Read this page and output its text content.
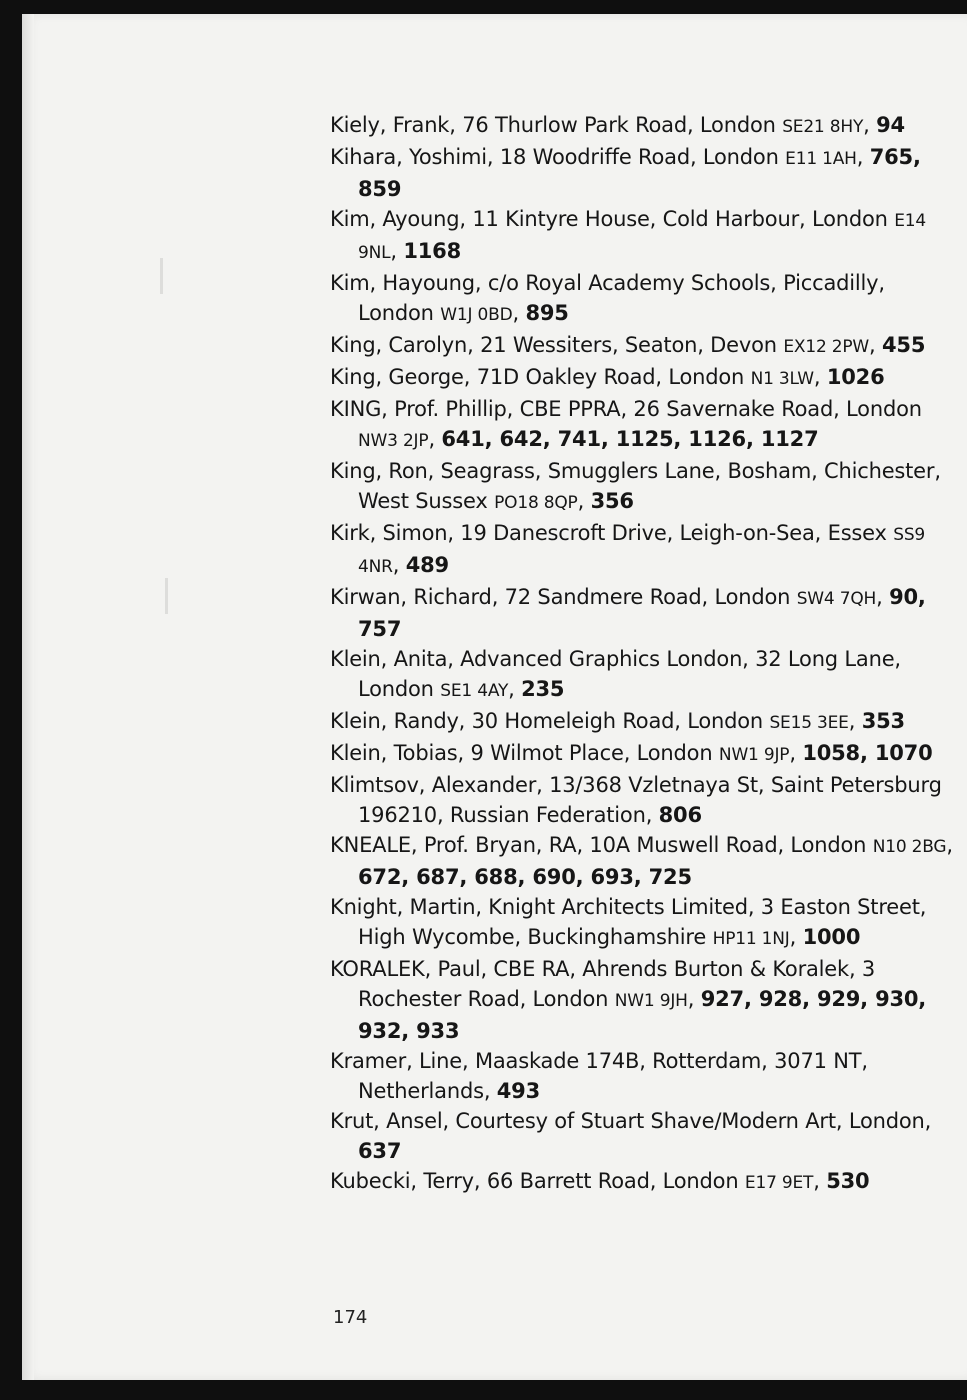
Kiely, Frank, 76 Thurlow Park Road, London SE21 8HY, 94
Kihara, Yoshimi, 18 Woodriffe Road, London E11 1AH, 765, 859
Kim, Ayoung, 11 Kintyre House, Cold Harbour, London E14 9NL, 1168
Kim, Hayoung, c/o Royal Academy Schools, Piccadilly, London W1J 0BD, 895
King, Carolyn, 21 Wessiters, Seaton, Devon EX12 2PW, 455
King, George, 71D Oakley Road, London N1 3LW, 1026
KING, Prof. Phillip, CBE PPRA, 26 Savernake Road, London NW3 2JP, 641, 642, 741, 1125, 1126, 1127
King, Ron, Seagrass, Smugglers Lane, Bosham, Chichester, West Sussex PO18 8QP, 356
Kirk, Simon, 19 Danescroft Drive, Leigh-on-Sea, Essex SS9 4NR, 489
Kirwan, Richard, 72 Sandmere Road, London SW4 7QH, 90, 757
Klein, Anita, Advanced Graphics London, 32 Long Lane, London SE1 4AY, 235
Klein, Randy, 30 Homeleigh Road, London SE15 3EE, 353
Klein, Tobias, 9 Wilmot Place, London NW1 9JP, 1058, 1070
Klimtsov, Alexander, 13/368 Vzletnaya St, Saint Petersburg 196210, Russian Federation, 806
KNEALE, Prof. Bryan, RA, 10A Muswell Road, London N10 2BG, 672, 687, 688, 690, 693, 725
Knight, Martin, Knight Architects Limited, 3 Easton Street, High Wycombe, Buckinghamshire HP11 1NJ, 1000
KORALEK, Paul, CBE RA, Ahrends Burton & Koralek, 3 Rochester Road, London NW1 9JH, 927, 928, 929, 930, 932, 933
Kramer, Line, Maaskade 174B, Rotterdam, 3071 NT, Netherlands, 493
Krut, Ansel, Courtesy of Stuart Shave/Modern Art, London, 637
Kubecki, Terry, 66 Barrett Road, London E17 9ET, 530
174
